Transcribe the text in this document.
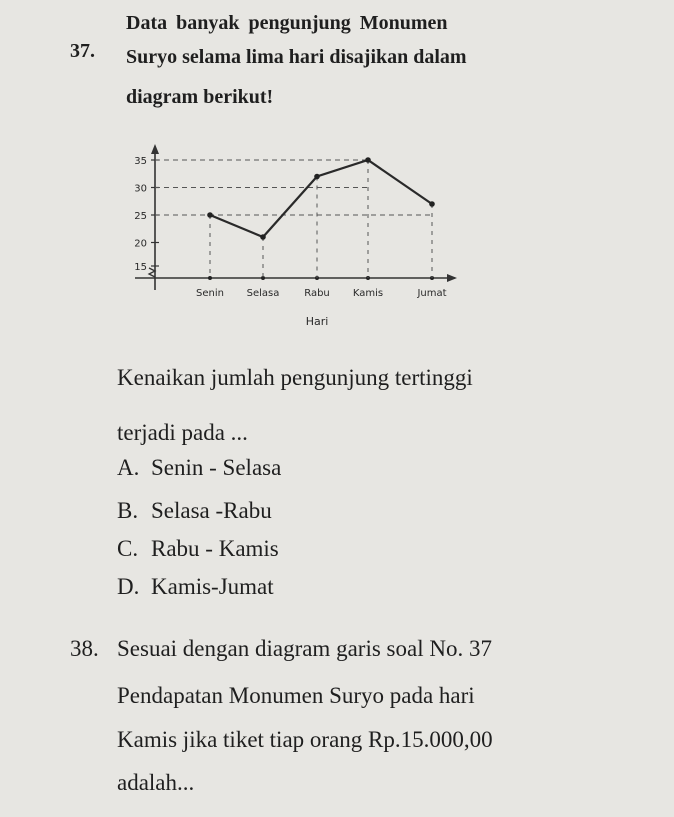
37.
Data banyak pengunjung Monumen
Suryo selama lima hari disajikan dalam
diagram berikut!
15
20
25
30
35
Senin Selasa Rabu Kamis	Jumat
Hari
Kenaikan jumlah pengunjung tertinggi
terjadi pada ...
A. Senin - Selasa
B. Selasa -Rabu
C. Rabu - Kamis
D. Kamis-Jumat
38. Sesuai dengan diagram garis soal No. 37
Pendapatan Monumen Suryo pada hari
Kamis jika tiket tiap orang Rp.15.000,00
adalah...
